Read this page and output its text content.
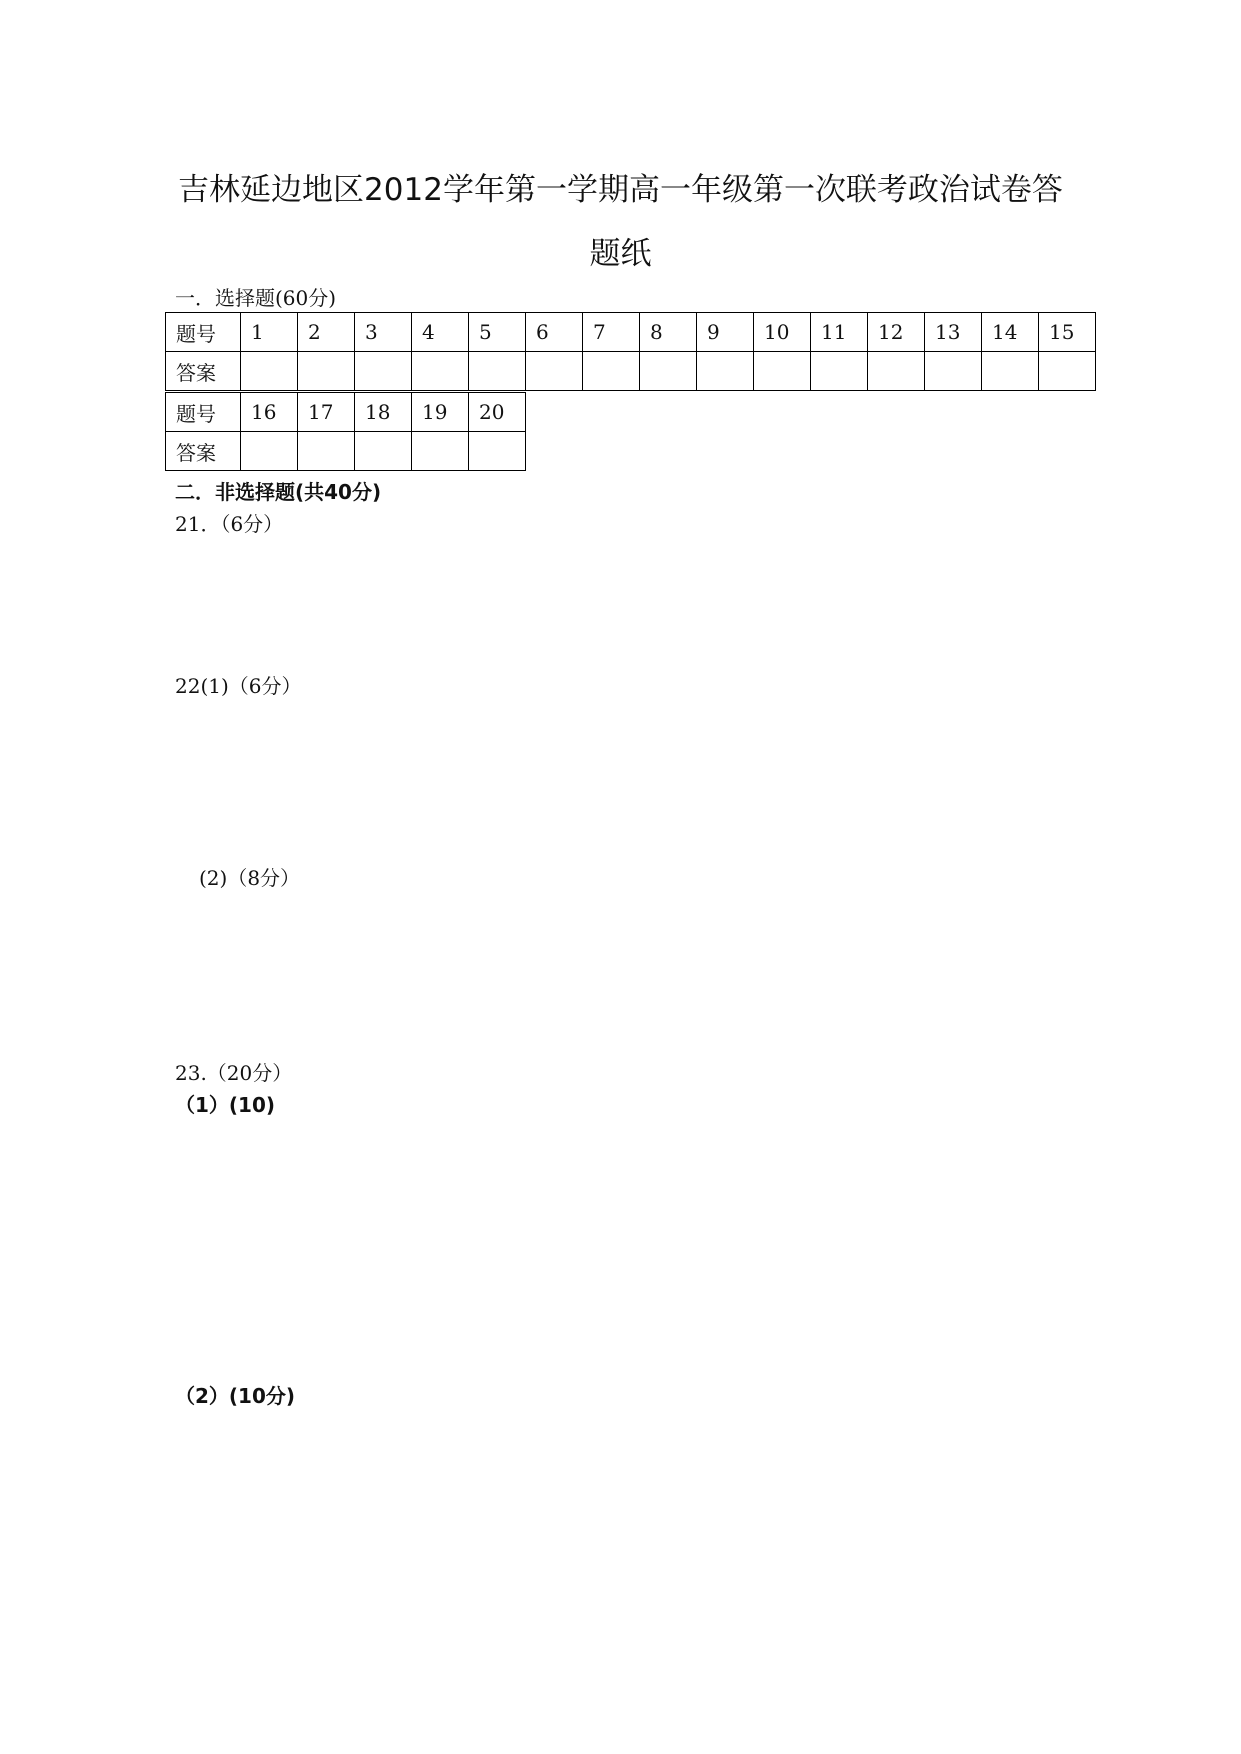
吉林延边地区2012学年第一学期高一年级第一次联考政治试卷答
题纸
一．选择题(60分)
题号	1	2	3	4	5	6	7	8	9	10	11	12	13	14	15
答案															
题号	16	17	18	19	20
答案					
二．非选择题(共40分)
21．（6分）
22(1)（6分）
(2)（8分）
23.（20分）
（1）(10)
（2）(10分)
